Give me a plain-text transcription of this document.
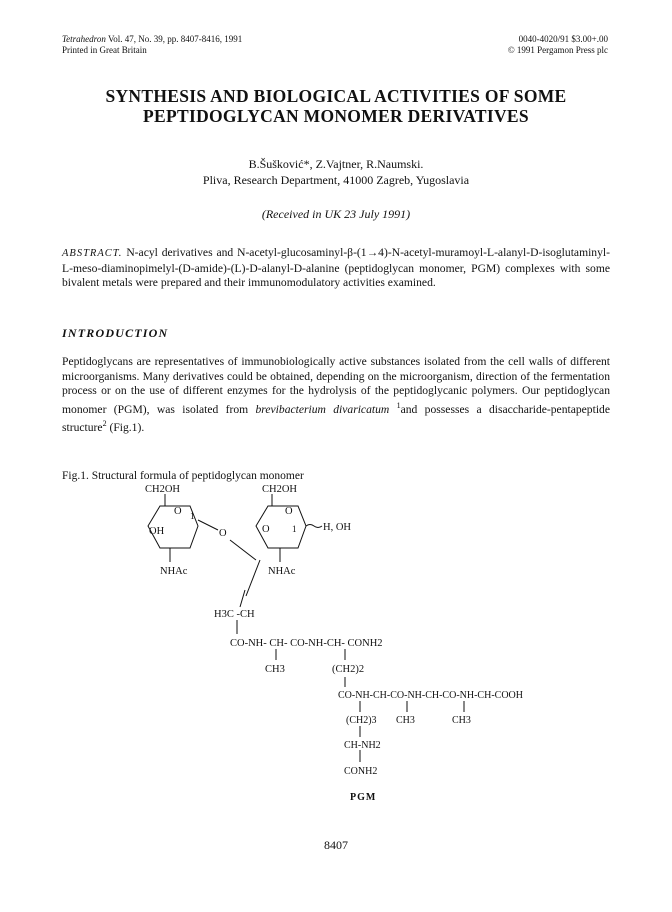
Tetrahedron Vol. 47, No. 39, pp. 8407-8416, 1991
Printed in Great Britain
0040-4020/91 $3.00+.00
© 1991 Pergamon Press plc
SYNTHESIS AND BIOLOGICAL ACTIVITIES OF SOME
PEPTIDOGLYCAN MONOMER DERIVATIVES
B.Šušković*, Z.Vajtner, R.Naumski.
Pliva, Research Department, 41000 Zagreb, Yugoslavia
(Received in UK 23 July 1991)
ABSTRACT. N-acyl derivatives and N-acetyl-glucosaminyl-β-(1→4)-N-acetyl-muramoyl-L-alanyl-D-isoglutaminyl-L-meso-diaminopimelyl-(D-amide)-(L)-D-alanyl-D-alanine (peptidoglycan monomer, PGM) complexes with some bivalent metals were prepared and their immunomodulatory activities examined.
INTRODUCTION
Peptidoglycans are representatives of immunobiologically active substances isolated from the cell walls of different microorganisms. Many derivatives could be obtained, depending on the microorganism, direction of the fermentation process or on the use of different enzymes for the hydrolysis of the peptidoglycanic polymers. Our peptidoglycan monomer (PGM), was isolated from brevibacterium divaricatum $^1$and possesses a disaccharide-pentapeptide structure$^2$ (Fig.1).
Fig.1. Structural formula of peptidoglycan monomer
CH2OH	CH2OH
O	O
OH
1
O	O 1	H, OH
NHAc	NHAc
H3C -CH
CO-NH- CH- CO-NH-CH- CONH2
CH3	(CH2)2
CO-NH-CH-CO-NH-CH-CO-NH-CH-COOH
(CH2)3 CH3	CH3
CH-NH2
CONH2
PGM
8407
